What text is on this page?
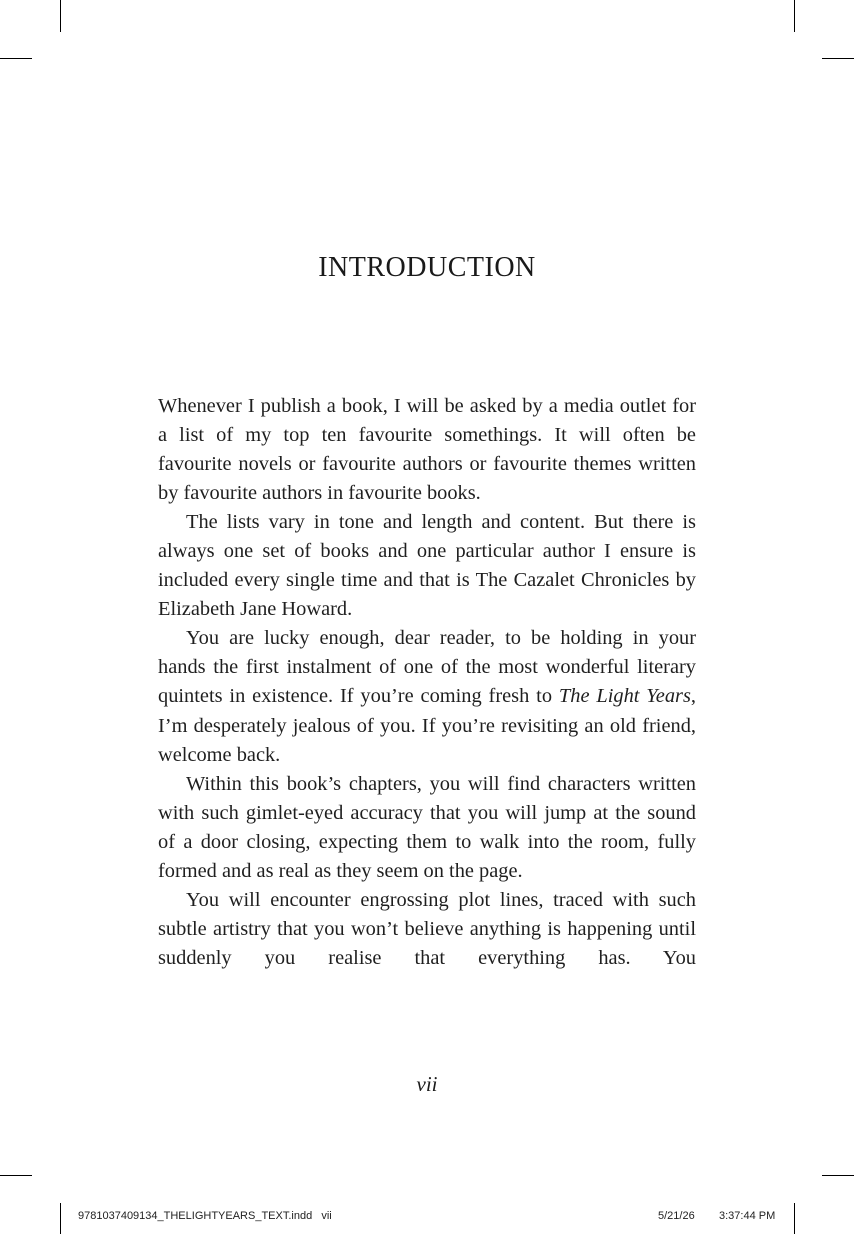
INTRODUCTION

Whenever I publish a book, I will be asked by a media outlet for a list of my top ten favourite somethings. It will often be favourite novels or favourite authors or favourite themes written by favourite authors in favourite books.

The lists vary in tone and length and content. But there is always one set of books and one particular author I ensure is included every single time and that is The Cazalet Chronicles by Elizabeth Jane Howard.

You are lucky enough, dear reader, to be holding in your hands the first instalment of one of the most wonderful literary quintets in existence. If you’re coming fresh to The Light Years, I’m desperately jealous of you. If you’re revisiting an old friend, welcome back.

Within this book’s chapters, you will find characters written with such gimlet-eyed accuracy that you will jump at the sound of a door closing, expecting them to walk into the room, fully formed and as real as they seem on the page.

You will encounter engrossing plot lines, traced with such subtle artistry that you won’t believe anything is happening until suddenly you realise that everything has. You

vii
9781037409134_THELIGHTYEARS_TEXT.indd   vii	5/21/26 3:37:44 PM
